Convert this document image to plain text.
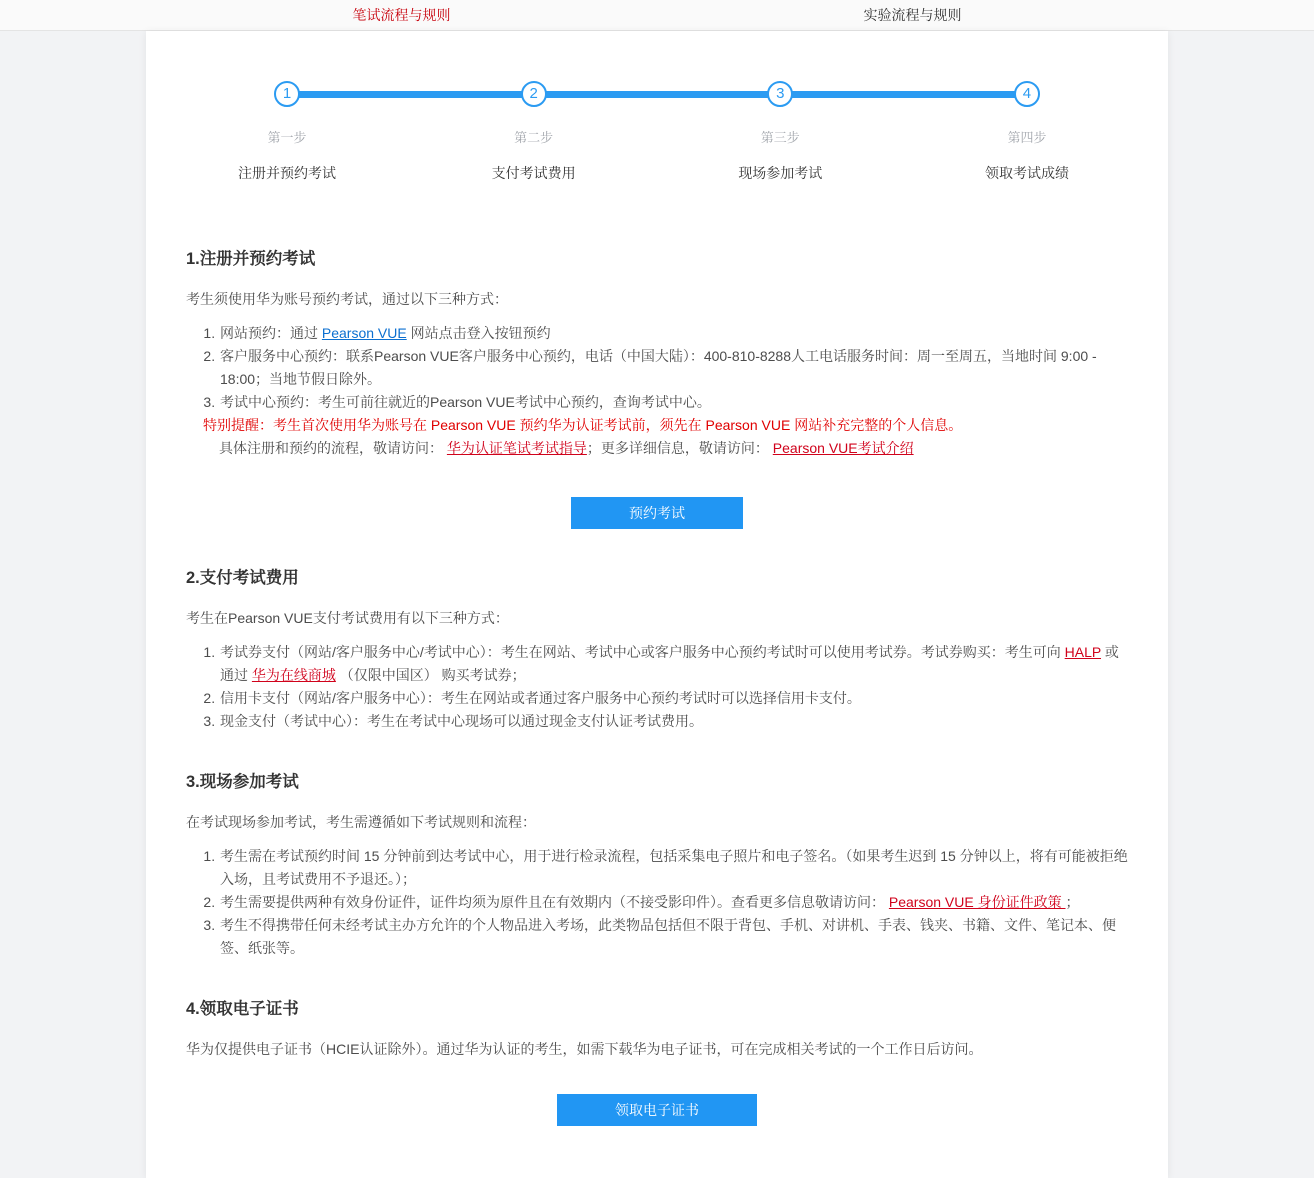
笔试流程与规则	实验流程与规则
1
第一步
注册并预约考试
2
第二步
支付考试费用
3
第三步
现场参加考试
4
第四步
领取考试成绩
1.注册并预约考试

考生须使用华为账号预约考试，通过以下三种方式：

1. 网站预约：通过 Pearson VUE 网站点击登入按钮预约
2. 客户服务中心预约：联系Pearson VUE客户服务中心预约，电话（中国大陆）：400-810-8288人工电话服务时间：周一至周五，当地时间 9:00 - 18:00；当地节假日除外。
3. 考试中心预约：考生可前往就近的Pearson VUE考试中心预约，查询考试中心。

特别提醒：考生首次使用华为账号在 Pearson VUE 预约华为认证考试前，须先在 Pearson VUE 网站补充完整的个人信息。

具体注册和预约的流程，敬请访问： 华为认证笔试考试指导；更多详细信息，敬请访问： Pearson VUE考试介绍

预约考试
2.支付考试费用

考生在Pearson VUE支付考试费用有以下三种方式：

1. 考试券支付（网站/客户服务中心/考试中心）：考生在网站、考试中心或客户服务中心预约考试时可以使用考试券。考试券购买：考生可向 HALP 或通过 华为在线商城 （仅限中国区） 购买考试券；
2. 信用卡支付（网站/客户服务中心）：考生在网站或者通过客户服务中心预约考试时可以选择信用卡支付。
3. 现金支付（考试中心）：考生在考试中心现场可以通过现金支付认证考试费用。
3.现场参加考试

在考试现场参加考试，考生需遵循如下考试规则和流程：

1. 考生需在考试预约时间 15 分钟前到达考试中心，用于进行检录流程，包括采集电子照片和电子签名。（如果考生迟到 15 分钟以上，将有可能被拒绝入场，且考试费用不予退还。）；
2. 考生需要提供两种有效身份证件，证件均须为原件且在有效期内（不接受影印件）。查看更多信息敬请访问： Pearson VUE 身份证件政策 ；
3. 考生不得携带任何未经考试主办方允许的个人物品进入考场，此类物品包括但不限于背包、手机、对讲机、手表、钱夹、书籍、文件、笔记本、便签、纸张等。
4.领取电子证书

华为仅提供电子证书（HCIE认证除外）。通过华为认证的考生，如需下载华为电子证书，可在完成相关考试的一个工作日后访问。

领取电子证书
